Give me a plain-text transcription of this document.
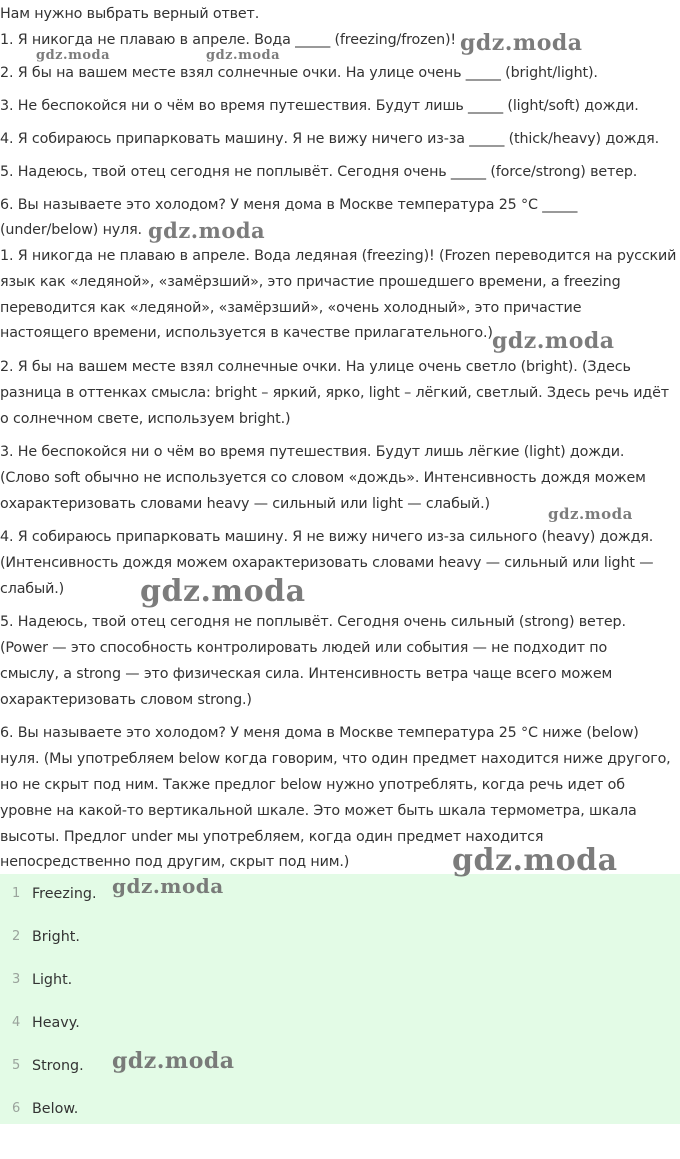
Нам нужно выбрать верный ответ.
1. Я никогда не плаваю в апреле. Вода _____ (freezing/frozen)!
2. Я бы на вашем месте взял солнечные очки. На улице очень _____ (bright/light).
3. Не беспокойся ни о чём во время путешествия. Будут лишь _____ (light/soft) дожди.
4. Я собираюсь припарковать машину. Я не вижу ничего из-за _____ (thick/heavy) дождя.
5. Надеюсь, твой отец сегодня не поплывёт. Сегодня очень _____ (force/strong) ветер.
6. Вы называете это холодом? У меня дома в Москве температура 25 °C _____
(under/below) нуля.
1. Я никогда не плаваю в апреле. Вода ледяная (freezing)! (Frozen переводится на русский
язык как «ледяной», «замёрзший», это причастие прошедшего времени, а freezing
переводится как «ледяной», «замёрзший», «очень холодный», это причастие
настоящего времени, используется в качестве прилагательного.)
2. Я бы на вашем месте взял солнечные очки. На улице очень светло (bright). (Здесь
разница в оттенках смысла: bright – яркий, ярко, light – лёгкий, светлый. Здесь речь идёт
о солнечном свете, используем bright.)
3. Не беспокойся ни о чём во время путешествия. Будут лишь лёгкие (light) дожди.
(Слово soft обычно не используется со словом «дождь». Интенсивность дождя можем
охарактеризовать словами heavy — сильный или light — слабый.)
4. Я собираюсь припарковать машину. Я не вижу ничего из-за сильного (heavy) дождя.
(Интенсивность дождя можем охарактеризовать словами heavy — сильный или light —
слабый.)
5. Надеюсь, твой отец сегодня не поплывёт. Сегодня очень сильный (strong) ветер.
(Power — это способность контролировать людей или события — не подходит по
смыслу, а strong — это физическая сила. Интенсивность ветра чаще всего можем
охарактеризовать словом strong.)
6. Вы называете это холодом? У меня дома в Москве температура 25 °C ниже (below)
нуля. (Мы употребляем below когда говорим, что один предмет находится ниже другого,
но не скрыт под ним. Также предлог below нужно употреблять, когда речь идет об
уровне на какой-то вертикальной шкале. Это может быть шкала термометра, шкала
высоты. Предлог under мы употребляем, когда один предмет находится
непосредственно под другим, скрыт под ним.)
1 Freezing.
2 Bright.
3 Light.
4 Heavy.
5 Strong.
6 Below.
gdz.moda
gdz.moda	gdz.moda
gdz.moda
gdz.moda
gdz.moda
gdz.moda
gdz.moda
gdz.moda
gdz.moda
